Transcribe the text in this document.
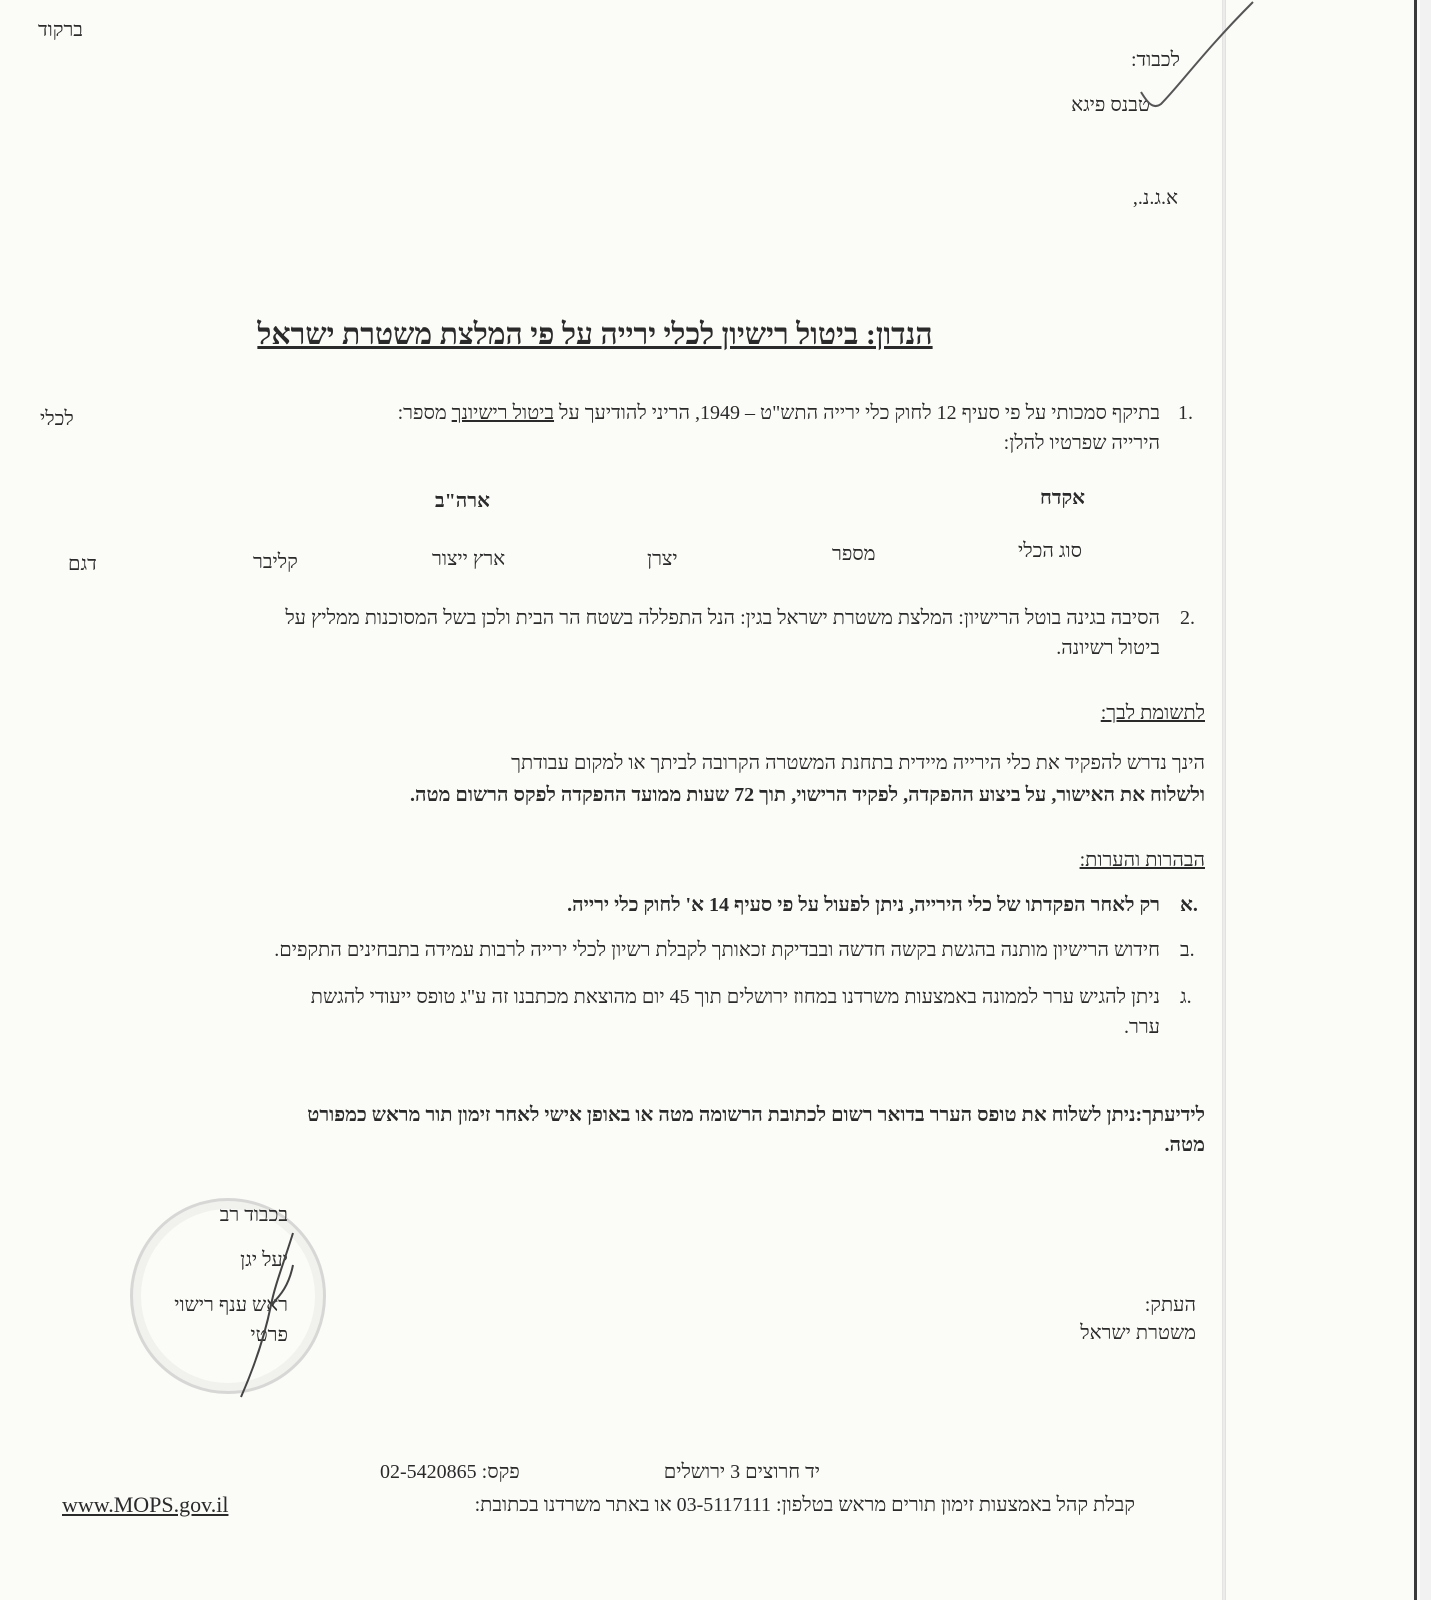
ברקוד
לכבוד:
טבנס פיגא
א.ג.נ.,
הנדון: ביטול רישיון לכלי ירייה על פי המלצת משטרת ישראל
1.
בתיקף סמכותי על פי סעיף 12 לחוק כלי ירייה התש"ט – 1949, הריני להודיעך על ביטול רישיונך מספר:
לכלי
הירייה שפרטיו להלן:
אקדח
ארה"ב
סוג הכלי
מספר
יצרן
ארץ ייצור
קליבר
דגם
2.
הסיבה בגינה בוטל הרישיון: המלצת משטרת ישראל בגין: הנל התפללה בשטח הר הבית ולכן בשל המסוכנות ממליץ על
ביטול רשיונה.
לתשומת לבך:
הינך נדרש להפקיד את כלי הירייה מיידית בתחנת המשטרה הקרובה לביתך או למקום עבודתך
ולשלוח את האישור, על ביצוע ההפקדה, לפקיד הרישוי, תוך 72 שעות ממועד ההפקדה לפקס הרשום מטה.
הבהרות והערות:
א.
רק לאחר הפקדתו של כלי הירייה, ניתן לפעול על פי סעיף 14 א' לחוק כלי ירייה.
ב.
חידוש הרישיון מותנה בהגשת בקשה חדשה ובבדיקת זכאותך לקבלת רשיון לכלי ירייה לרבות עמידה בתבחינים התקפים.
ג.
ניתן להגיש ערר לממונה באמצעות משרדנו במחוז ירושלים תוך 45 יום מהוצאת מכתבנו זה ע"ג טופס ייעודי להגשת
ערר.
לידיעתך:ניתן לשלוח את טופס הערר בדואר רשום לכתובת הרשומה מטה או באופן אישי לאחר זימון תור מראש כמפורט
מטה.
בכבוד רב
יעל יגן
ראש ענף רישוי
פרטי
העתק:
משטרת ישראל
יד חרוצים 3 ירושלים
פקס: 02-5420865
קבלת קהל באמצעות זימון תורים מראש בטלפון: 03-5117111 או באתר משרדנו בכתובת:
www.MOPS.gov.il
